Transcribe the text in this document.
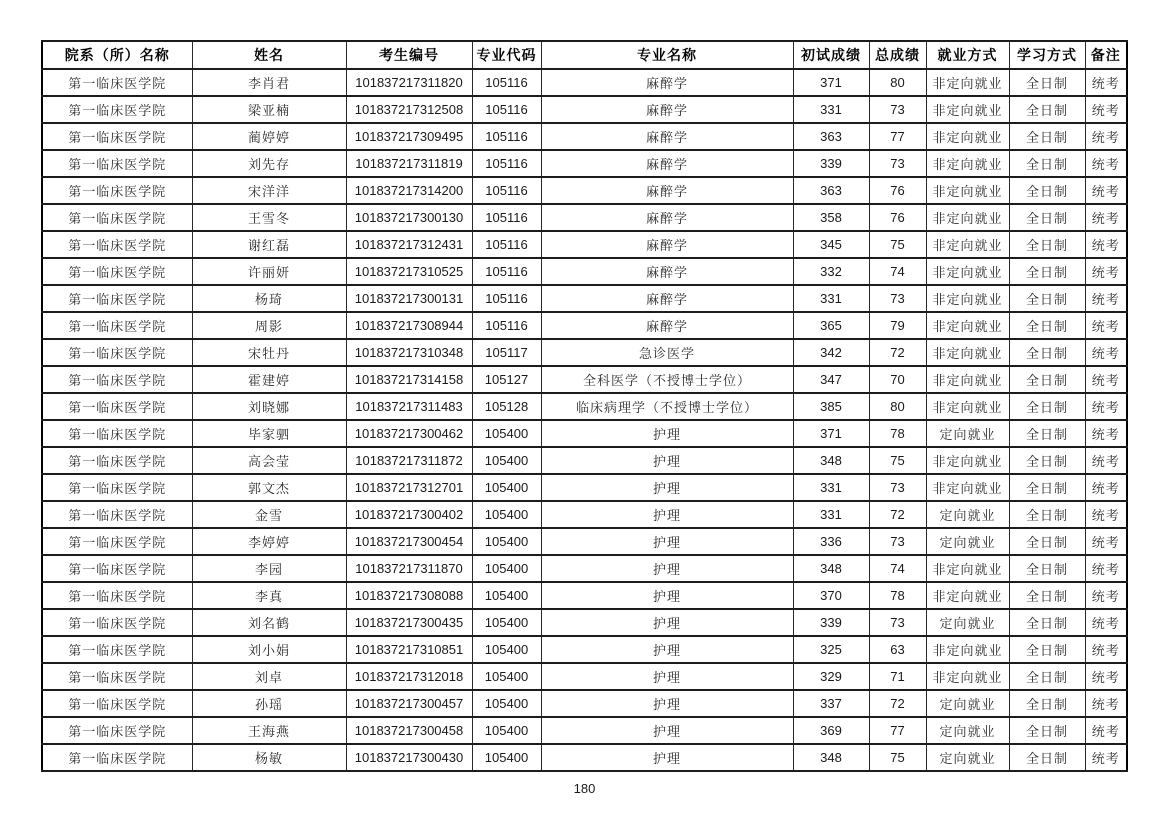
院系（所）名称	姓名	考生编号	专业代码	专业名称	初试成绩	总成绩	就业方式	学习方式	备注
第一临床医学院	李肖君	101837217311820	105116	麻醉学	371	80	非定向就业	全日制	统考
第一临床医学院	梁亚楠	101837217312508	105116	麻醉学	331	73	非定向就业	全日制	统考
第一临床医学院	蔺婷婷	101837217309495	105116	麻醉学	363	77	非定向就业	全日制	统考
第一临床医学院	刘先存	101837217311819	105116	麻醉学	339	73	非定向就业	全日制	统考
第一临床医学院	宋洋洋	101837217314200	105116	麻醉学	363	76	非定向就业	全日制	统考
第一临床医学院	王雪冬	101837217300130	105116	麻醉学	358	76	非定向就业	全日制	统考
第一临床医学院	谢红磊	101837217312431	105116	麻醉学	345	75	非定向就业	全日制	统考
第一临床医学院	许丽妍	101837217310525	105116	麻醉学	332	74	非定向就业	全日制	统考
第一临床医学院	杨琦	101837217300131	105116	麻醉学	331	73	非定向就业	全日制	统考
第一临床医学院	周影	101837217308944	105116	麻醉学	365	79	非定向就业	全日制	统考
第一临床医学院	宋牡丹	101837217310348	105117	急诊医学	342	72	非定向就业	全日制	统考
第一临床医学院	霍建婷	101837217314158	105127	全科医学（不授博士学位）	347	70	非定向就业	全日制	统考
第一临床医学院	刘晓娜	101837217311483	105128	临床病理学（不授博士学位）	385	80	非定向就业	全日制	统考
第一临床医学院	毕家驷	101837217300462	105400	护理	371	78	定向就业	全日制	统考
第一临床医学院	高会莹	101837217311872	105400	护理	348	75	非定向就业	全日制	统考
第一临床医学院	郭文杰	101837217312701	105400	护理	331	73	非定向就业	全日制	统考
第一临床医学院	金雪	101837217300402	105400	护理	331	72	定向就业	全日制	统考
第一临床医学院	李婷婷	101837217300454	105400	护理	336	73	定向就业	全日制	统考
第一临床医学院	李园	101837217311870	105400	护理	348	74	非定向就业	全日制	统考
第一临床医学院	李真	101837217308088	105400	护理	370	78	非定向就业	全日制	统考
第一临床医学院	刘名鹤	101837217300435	105400	护理	339	73	定向就业	全日制	统考
第一临床医学院	刘小娟	101837217310851	105400	护理	325	63	非定向就业	全日制	统考
第一临床医学院	刘卓	101837217312018	105400	护理	329	71	非定向就业	全日制	统考
第一临床医学院	孙瑶	101837217300457	105400	护理	337	72	定向就业	全日制	统考
第一临床医学院	王海燕	101837217300458	105400	护理	369	77	定向就业	全日制	统考
第一临床医学院	杨敏	101837217300430	105400	护理	348	75	定向就业	全日制	统考
180
